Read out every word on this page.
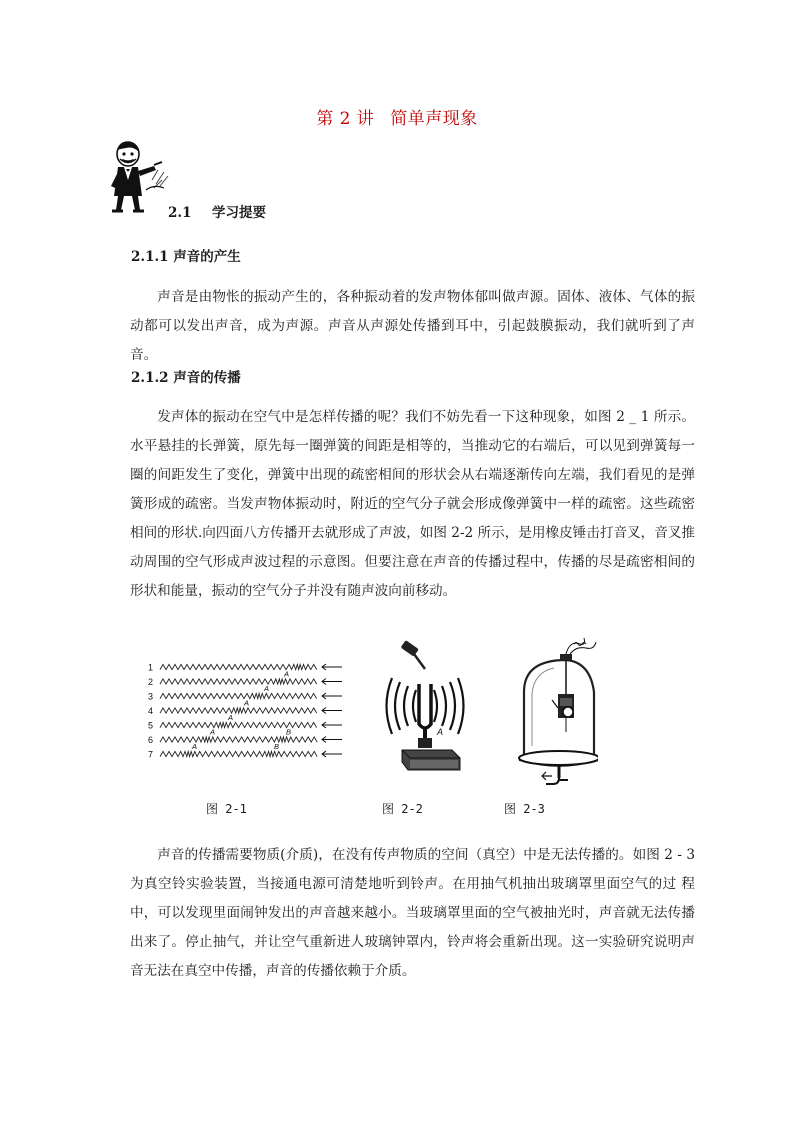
第 2 讲 简单声现象
2.1 学习提要
2.1.1 声音的产生

声音是由物怅的振动产生的，各种振动着的发声物体郁叫做声源。固体、液体、气体的振动都可以发出声音，成为声源。声音从声源处传播到耳中，引起鼓膜振动，我们就听到了声音。

2.1.2 声音的传播

发声体的振动在空气中是怎样传播的呢？我们不妨先看一下这种现象，如图 2 _ 1 所示。 水平悬挂的长弹簧，原先每一圈弹簧的间距是相等的，当推动它的右端后，可以见到弹簧每一圈的间距发生了变化，弹簧中出现的疏密相间的形状会从右端逐渐传向左端，我们看见的是弹簧形成的疏密。当发声物体振动时，附近的空气分子就会形成像弹簧中一样的疏密。这些疏密相间的形状.向四面八方传播开去就形成了声波，如图 2-2 所示，是用橡皮锤击打音叉，音叉推动周围的空气形成声波过程的示意图。但要注意在声音的传播过程中，传播的尽是疏密相间的形状和能量，振动的空气分子并没有随声波向前移动。

1
2
3
4
5
6
7
A
A
A
A
A
A
B
B
A
图 2-1	图 2-2	图 2-3

声音的传播需要物质(介质)，在没有传声物质的空间（真空）中是无法传播的。如图 2 - 3 为真空铃实验装置，当接通电源可清楚地听到铃声。在用抽气机抽出玻璃罩里面空气的过 程中，可以发现里面闹钟发出的声音越来越小。当玻璃罩里面的空气被抽光时，声音就无法传播出来了。停止抽气，并让空气重新进人玻璃钟罩内，铃声将会重新出现。这一实验研究说明声音无法在真空中传播，声音的传播依赖于介质。
